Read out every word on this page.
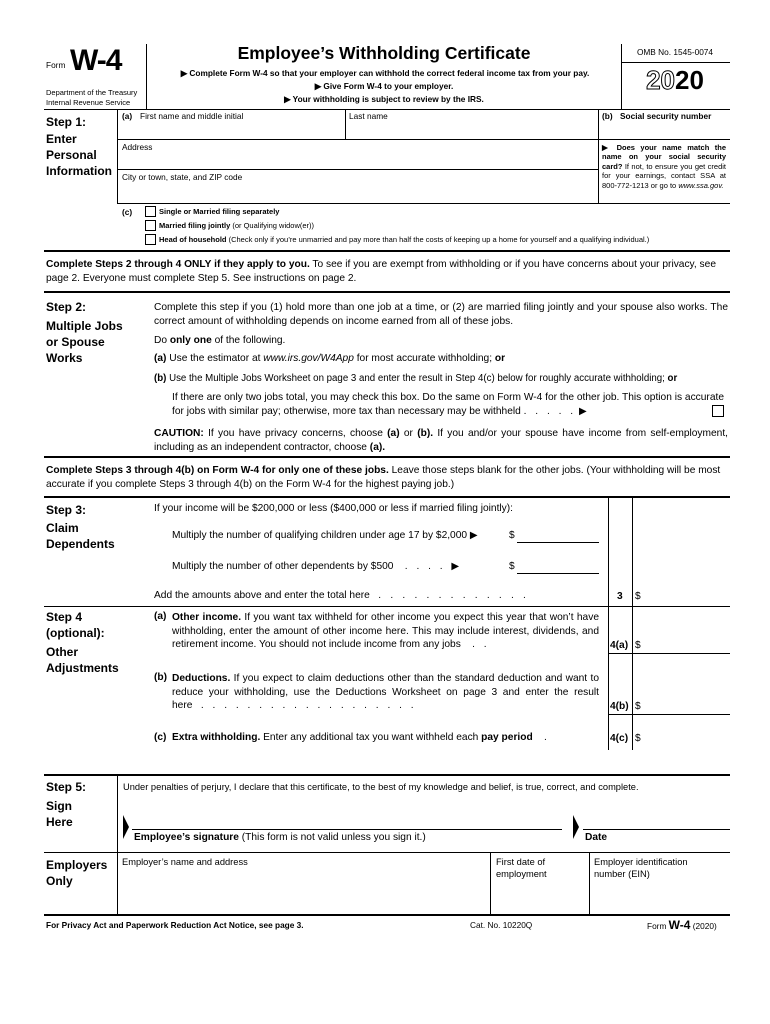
Form W-4
Department of the Treasury
Internal Revenue Service
Employee’s Withholding Certificate
▶ Complete Form W-4 so that your employer can withhold the correct federal income tax from your pay.
▶ Give Form W-4 to your employer.
▶ Your withholding is subject to review by the IRS.
OMB No. 1545-0074
2020
Step 1:
Enter
Personal
Information
(a) First name and middle initial	Last name	(b) Social security number
Address
City or town, state, and ZIP code
▶ Does your name match the name on your social security card? If not, to ensure you get credit for your earnings, contact SSA at 800-772-1213 or go to www.ssa.gov.
(c)	Single or Married filing separately
Married filing jointly (or Qualifying widow(er))
Head of household (Check only if you’re unmarried and pay more than half the costs of keeping up a home for yourself and a qualifying individual.)
Complete Steps 2 through 4 ONLY if they apply to you. To see if you are exempt from withholding or if you have concerns about your privacy, see page 2. Everyone must complete Step 5. See instructions on page 2.
Step 2:
Multiple Jobs
or Spouse
Works
Complete this step if you (1) hold more than one job at a time, or (2) are married filing jointly and your spouse also works. The correct amount of withholding depends on income earned from all of these jobs.
Do only one of the following.
(a) Use the estimator at www.irs.gov/W4App for most accurate withholding; or
(b) Use the Multiple Jobs Worksheet on page 3 and enter the result in Step 4(c) below for roughly accurate withholding; or
If there are only two jobs total, you may check this box. Do the same on Form W-4 for the other job. This option is accurate for jobs with similar pay; otherwise, more tax than necessary may be withheld . . . . . ▶
CAUTION: If you have privacy concerns, choose (a) or (b). If you and/or your spouse have income from self-employment, including as an independent contractor, choose (a).
Complete Steps 3 through 4(b) on Form W-4 for only one of these jobs. Leave those steps blank for the other jobs. (Your withholding will be most accurate if you complete Steps 3 through 4(b) on the Form W-4 for the highest paying job.)
Step 3:
Claim
Dependents
If your income will be $200,000 or less ($400,000 or less if married filing jointly):
Multiply the number of qualifying children under age 17 by $2,000 ▶	$
Multiply the number of other dependents by $500 . . . . ▶	$
Add the amounts above and enter the total here . . . . . . . . . . . . .	3 $
Step 4
(optional):
Other
Adjustments
(a) Other income. If you want tax withheld for other income you expect this year that won’t have withholding, enter the amount of other income here. This may include interest, dividends, and retirement income. You should not include income from any jobs . .
(b) Deductions. If you expect to claim deductions other than the standard deduction and want to reduce your withholding, use the Deductions Worksheet on page 3 and enter the result here . . . . . . . . . . . . . . . . . . .
(c) Extra withholding. Enter any additional tax you want withheld each pay period .
4(a) $
4(b) $
4(c) $
Step 5:
Sign
Here
Under penalties of perjury, I declare that this certificate, to the best of my knowledge and belief, is true, correct, and complete.
Employee’s signature (This form is not valid unless you sign it.)	Date
Employers
Only
Employer’s name and address	First date of
employment
Employer identification
number (EIN)
For Privacy Act and Paperwork Reduction Act Notice, see page 3.	Cat. No. 10220Q	Form W-4 (2020)
